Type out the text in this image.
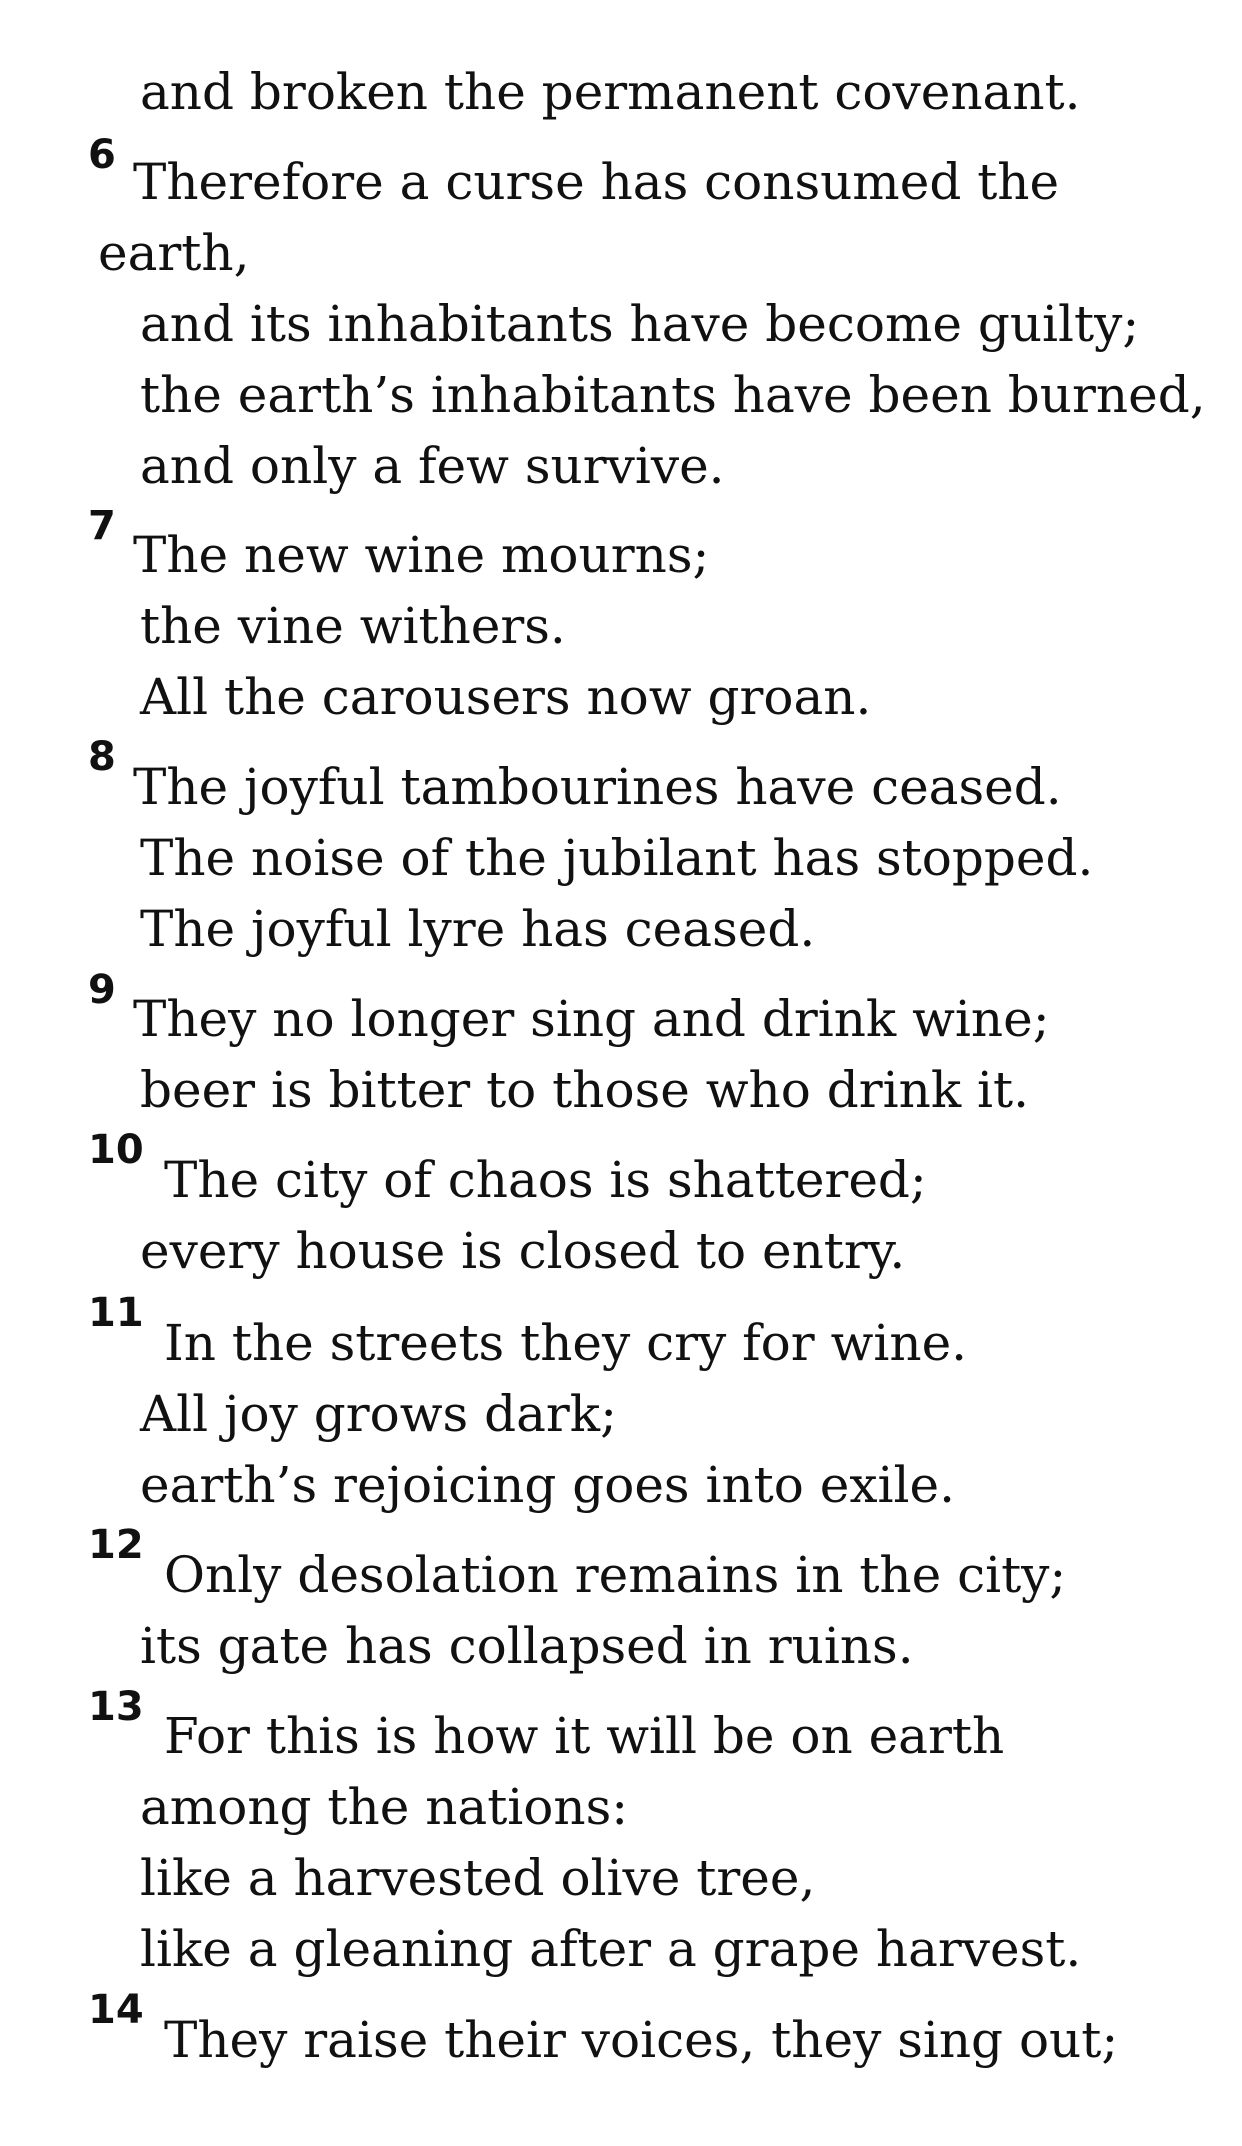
and broken the permanent covenant.
6 Therefore a curse has consumed the
earth,
and its inhabitants have become guilty;
the earth’s inhabitants have been burned,
and only a few survive.
7 The new wine mourns;
the vine withers.
All the carousers now groan.
8
The joyful tambourines have ceased.
The noise of the jubilant has stopped.
The joyful lyre has ceased.
9 They no longer sing and drink wine;
beer is bitter to those who drink it.
10
The city of chaos is shattered;
every house is closed to entry.
11
In the streets they cry for wine.
All joy grows dark;
earth’s rejoicing goes into exile.
12
Only desolation remains in the city;
its gate has collapsed in ruins.
13 For this is how it will be on earth
among the nations:
like a harvested olive tree,
like a gleaning after a grape harvest.
14
They raise their voices, they sing out;
